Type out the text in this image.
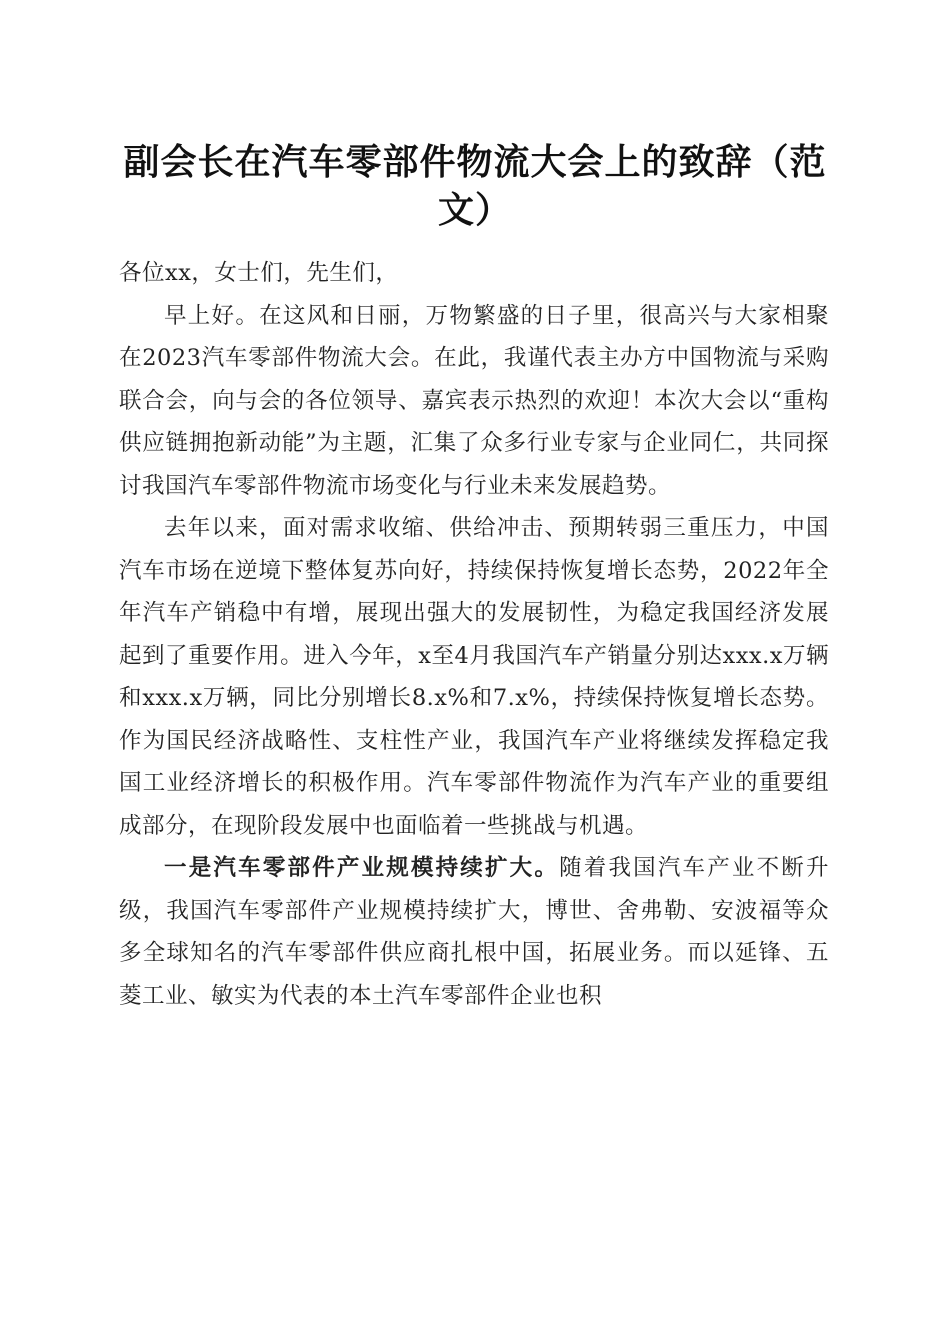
副会长在汽车零部件物流大会上的致辞（范文）

各位xx，女士们，先生们，

早上好。在这风和日丽，万物繁盛的日子里，很高兴与大家相聚在2023汽车零部件物流大会。在此，我谨代表主办方中国物流与采购联合会，向与会的各位领导、嘉宾表示热烈的欢迎！本次大会以“重构供应链拥抱新动能”为主题，汇集了众多行业专家与企业同仁，共同探讨我国汽车零部件物流市场变化与行业未来发展趋势。

去年以来，面对需求收缩、供给冲击、预期转弱三重压力，中国汽车市场在逆境下整体复苏向好，持续保持恢复增长态势，2022年全年汽车产销稳中有增，展现出强大的发展韧性，为稳定我国经济发展起到了重要作用。进入今年，x至4月我国汽车产销量分别达xxx.x万辆和xxx.x万辆，同比分别增长8.x%和7.x%，持续保持恢复增长态势。作为国民经济战略性、支柱性产业，我国汽车产业将继续发挥稳定我国工业经济增长的积极作用。汽车零部件物流作为汽车产业的重要组成部分，在现阶段发展中也面临着一些挑战与机遇。

一是汽车零部件产业规模持续扩大。随着我国汽车产业不断升级，我国汽车零部件产业规模持续扩大，博世、舍弗勒、安波福等众多全球知名的汽车零部件供应商扎根中国，拓展业务。而以延锋、五菱工业、敏实为代表的本土汽车零部件企业也积
